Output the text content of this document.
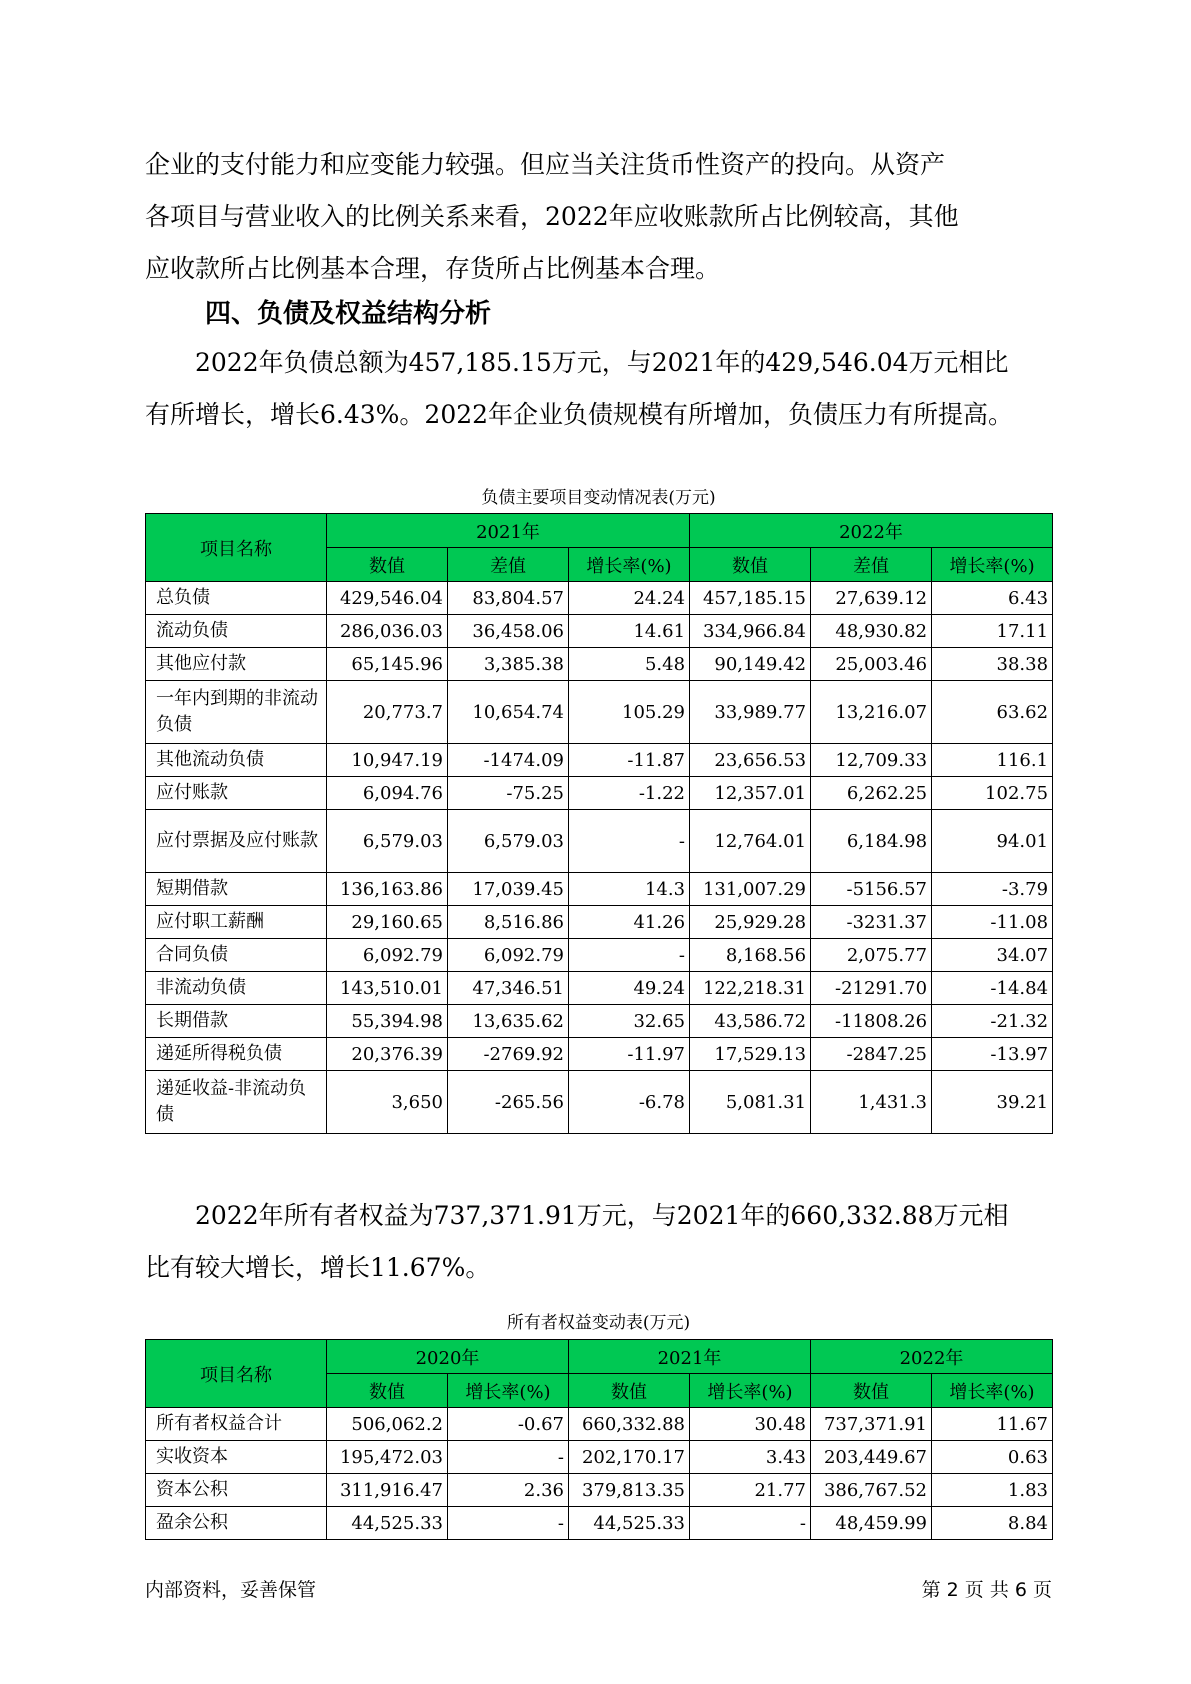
企业的支付能力和应变能力较强。但应当关注货币性资产的投向。从资产
各项目与营业收入的比例关系来看，2022年应收账款所占比例较高，其他
应收款所占比例基本合理，存货所占比例基本合理。

四、负债及权益结构分析

2022年负债总额为457,185.15万元，与2021年的429,546.04万元相比
有所增长，增长6.43%。2022年企业负债规模有所增加，负债压力有所提高。

负债主要项目变动情况表(万元)
项目名称	2021年			2022年		
	数值	差值	增长率(%)	数值	差值	增长率(%)
总负债	429,546.04	83,804.57	24.24	457,185.15	27,639.12	6.43
流动负债	286,036.03	36,458.06	14.61	334,966.84	48,930.82	17.11
其他应付款	65,145.96	3,385.38	5.48	90,149.42	25,003.46	38.38
一年内到期的非流动负债	20,773.7	10,654.74	105.29	33,989.77	13,216.07	63.62
其他流动负债	10,947.19	-1474.09	-11.87	23,656.53	12,709.33	116.1
应付账款	6,094.76	-75.25	-1.22	12,357.01	6,262.25	102.75
应付票据及应付账款	6,579.03	6,579.03	-	12,764.01	6,184.98	94.01
短期借款	136,163.86	17,039.45	14.3	131,007.29	-5156.57	-3.79
应付职工薪酬	29,160.65	8,516.86	41.26	25,929.28	-3231.37	-11.08
合同负债	6,092.79	6,092.79	-	8,168.56	2,075.77	34.07
非流动负债	143,510.01	47,346.51	49.24	122,218.31	-21291.70	-14.84
长期借款	55,394.98	13,635.62	32.65	43,586.72	-11808.26	-21.32
递延所得税负债	20,376.39	-2769.92	-11.97	17,529.13	-2847.25	-13.97
递延收益-非流动负债	3,650	-265.56	-6.78	5,081.31	1,431.3	39.21

2022年所有者权益为737,371.91万元，与2021年的660,332.88万元相
比有较大增长，增长11.67%。

所有者权益变动表(万元)
项目名称	2020年		2021年		2022年	
	数值	增长率(%)	数值	增长率(%)	数值	增长率(%)
所有者权益合计	506,062.2	-0.67	660,332.88	30.48	737,371.91	11.67
实收资本	195,472.03	-	202,170.17	3.43	203,449.67	0.63
资本公积	311,916.47	2.36	379,813.35	21.77	386,767.52	1.83
盈余公积	44,525.33	-	44,525.33	-	48,459.99	8.84
内部资料，妥善保管	第 2 页 共 6 页
